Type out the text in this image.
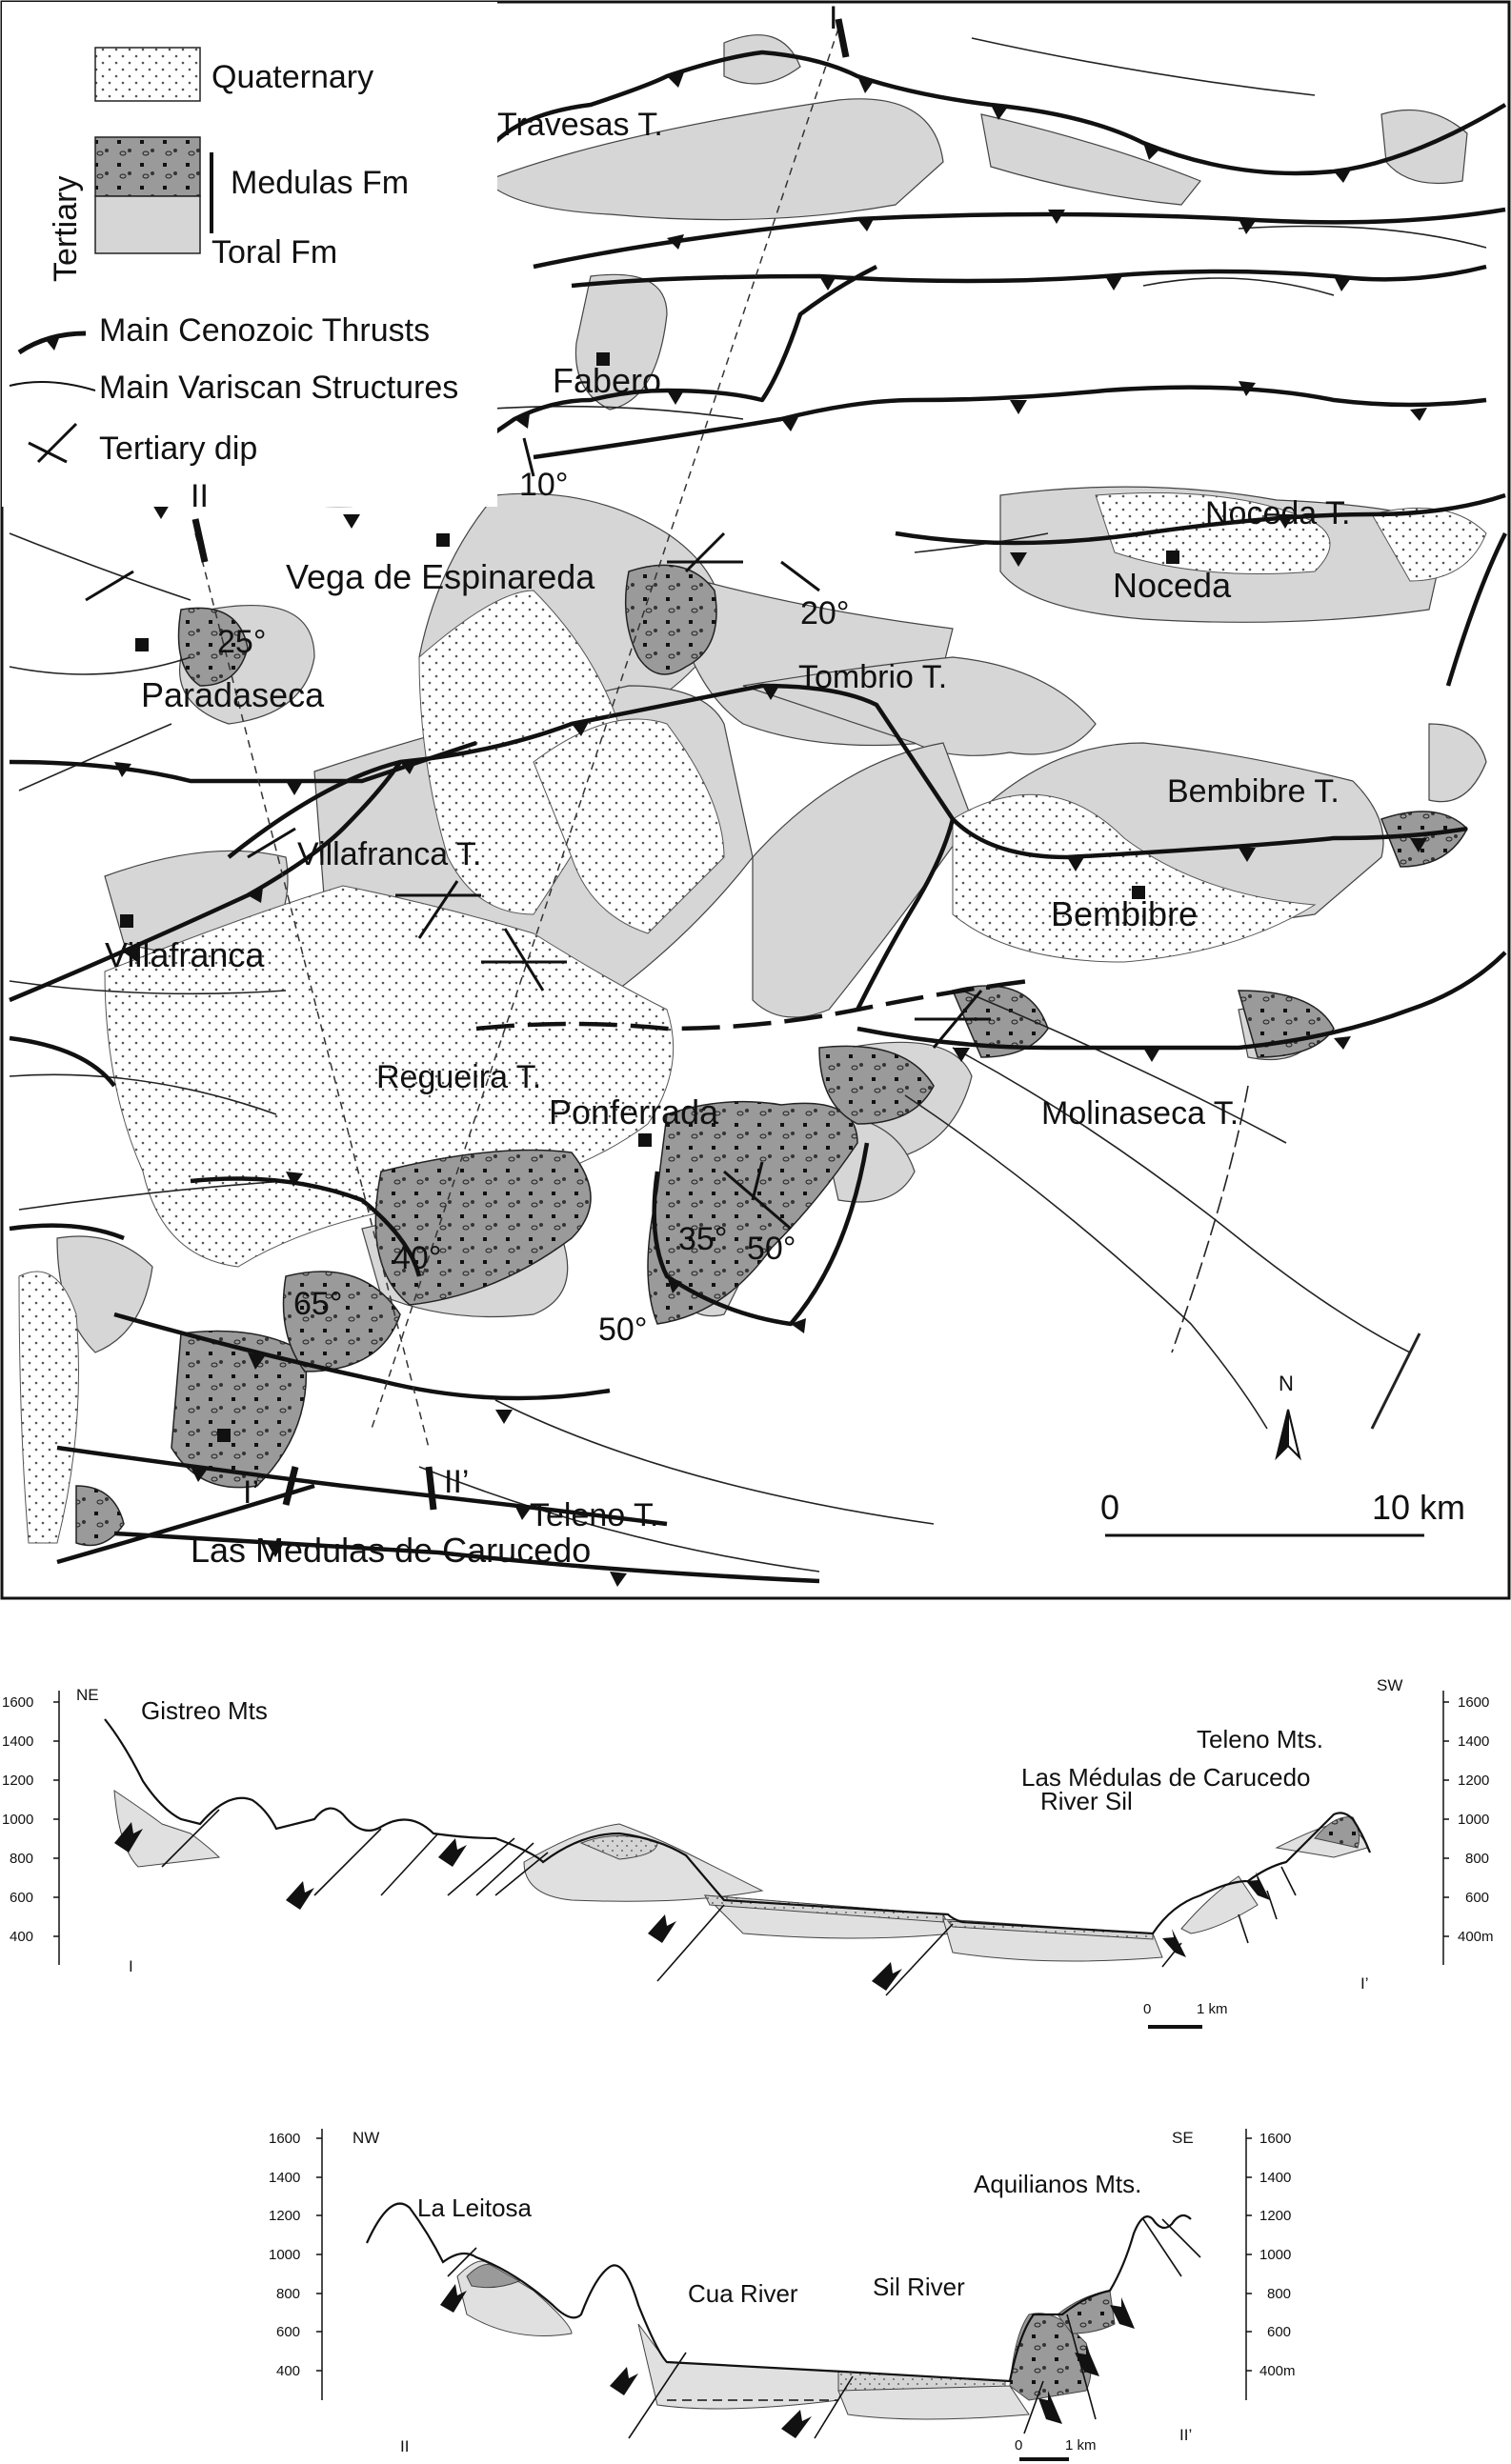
Quaternary
Medulas Fm
Toral Fm
Tertiary
Main Cenozoic Thrusts
Main Variscan Structures
Tertiary dip
Travesas T.
Noceda T.
Noceda
Tombrio T.
Bembibre T.
Bembibre
Fabero
Vega de Espinareda
Paradaseca
Villafranca T.
Villafranca
Regueira T.
Ponferrada	Molinaseca T.
Teleno T.
Las Medulas de Carucedo
10°
20°
25°
40°
65°
35° 50°
50°
I
II
I’	II’
N
0	10 km
1600
1400
1200
1000
800
600
400
1600
1400
1200
1000
800
600
400m
NE
SW
I
I’
Gistreo Mts
Teleno Mts.
Las Médulas de Carucedo
River Sil
0	1 km
1600
1400
1200
1000
800
600
400
1600
1400
1200
1000
800
600
400m
NW	SE
II
II’
La Leitosa
Aquilianos Mts.
Cua River	Sil River
0	1 km
